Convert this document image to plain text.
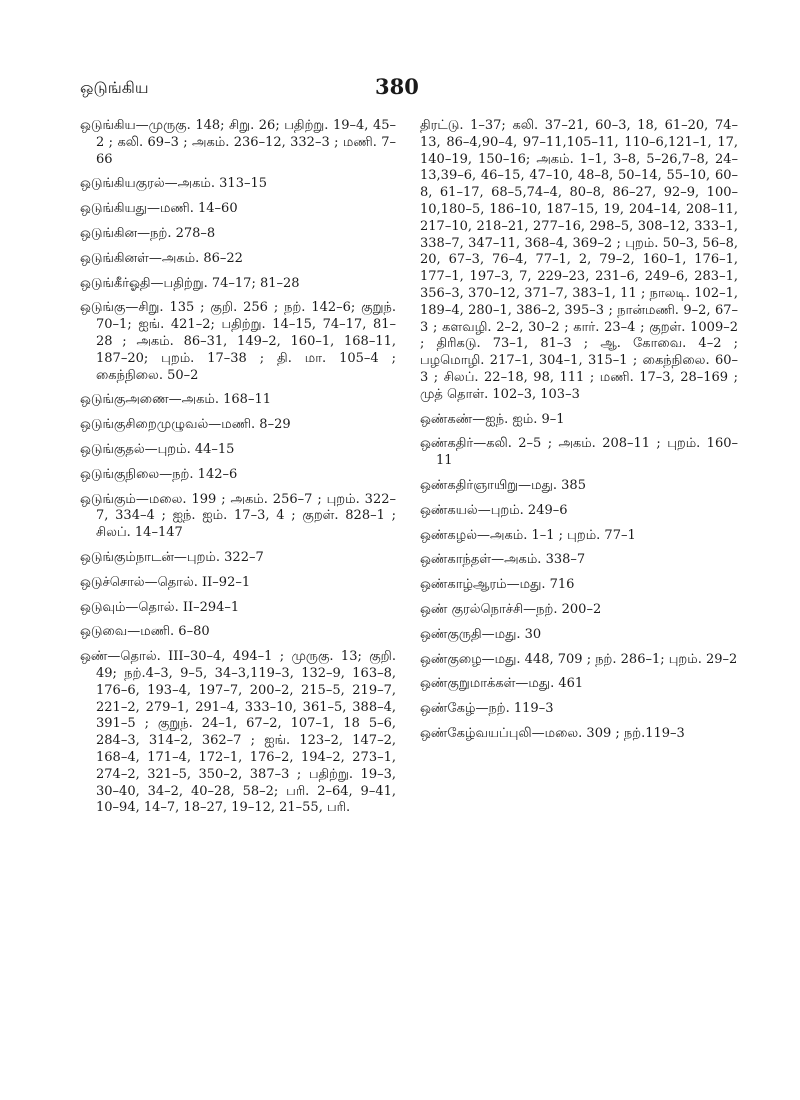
ஒடுங்கிய	380

ஒடுங்கிய—முருகு. 148; சிறு. 26; பதிற்று. 19–4, 45–2 ; கலி. 69–3 ; அகம். 236–12, 332–3 ; மணி. 7–66

ஒடுங்கியகுரல்—அகம். 313–15

ஒடுங்கியது—மணி. 14–60

ஒடுங்கின—நற். 278–8

ஒடுங்கினள்—அகம். 86–22

ஒடுங்கீர்ஓதி—பதிற்று. 74–17; 81–28

ஒடுங்கு—சிறு. 135 ; குறி. 256 ; நற். 142–6; குறுந். 70–1; ஐங். 421–2; பதிற்று. 14–15, 74–17, 81–28 ; அகம். 86–31, 149–2, 160–1, 168–11, 187–20; புறம். 17–38 ; தி. மா. 105–4 ; கைந்நிலை. 50–2

ஒடுங்குஅணை—அகம். 168–11

ஒடுங்குசிறைமுழுவல்—மணி. 8–29

ஒடுங்குதல்—புறம். 44–15

ஒடுங்குநிலை—நற். 142–6

ஒடுங்கும்—மலை. 199 ; அகம். 256–7 ; புறம். 322–7, 334–4 ; ஐந். ஐம். 17–3, 4 ; குறள். 828–1 ; சிலப். 14–147

ஒடுங்கும்நாடன்—புறம். 322–7

ஒடுச்சொல்—தொல். II–92–1

ஒடுவும்—தொல். II–294–1

ஒடுவை—மணி. 6–80

ஒண்—தொல். III–30–4, 494–1 ; முருகு. 13; குறி. 49; நற்.4–3, 9–5, 34–3,119–3, 132–9, 163–8, 176–6, 193–4, 197–7, 200–2, 215–5, 219–7, 221–2, 279–1, 291–4, 333–10, 361–5, 388–4, 391–5 ; குறுந். 24–1, 67–2, 107–1, 18 5–6, 284–3, 314–2, 362–7 ; ஐங். 123–2, 147–2, 168–4, 171–4, 172–1, 176–2, 194–2, 273–1, 274–2, 321–5, 350–2, 387–3 ; பதிற்று. 19–3, 30–40, 34–2, 40–28, 58–2; பரி. 2–64, 9–41, 10–94, 14–7, 18–27, 19–12, 21–55, பரி.

திரட்டு. 1–37; கலி. 37–21, 60–3, 18, 61–20, 74–13, 86–4,90–4, 97–11,105–11, 110–6,121–1, 17, 140–19, 150–16; அகம். 1–1, 3–8, 5–26,7–8, 24–13,39–6, 46–15, 47–10, 48–8, 50–14, 55–10, 60–8, 61–17, 68–5,74–4, 80–8, 86–27, 92–9, 100–10,180–5, 186–10, 187–15, 19, 204–14, 208–11, 217–10, 218–21, 277–16, 298–5, 308–12, 333–1, 338–7, 347–11, 368–4, 369–2 ; புறம். 50–3, 56–8, 20, 67–3, 76–4, 77–1, 2, 79–2, 160–1, 176–1, 177–1, 197–3, 7, 229–23, 231–6, 249–6, 283–1, 356–3, 370–12, 371–7, 383–1, 11 ; நாலடி. 102–1, 189–4, 280–1, 386–2, 395–3 ; நான்மணி. 9–2, 67–3 ; களவழி. 2–2, 30–2 ; கார். 23–4 ; குறள். 1009–2 ; திரிகடு. 73–1, 81–3 ; ஆ. கோவை. 4–2 ; பழமொழி. 217–1, 304–1, 315–1 ; கைந்நிலை. 60–3 ; சிலப். 22–18, 98, 111 ; மணி. 17–3, 28–169 ; முத் தொள். 102–3, 103–3

ஒண்கண்—ஐந். ஐம். 9–1

ஒண்கதிர்—கலி. 2–5 ; அகம். 208–11 ; புறம். 160–11

ஒண்கதிர்ஞாயிறு—மது. 385

ஒண்கயல்—புறம். 249–6

ஒண்கழல்—அகம். 1–1 ; புறம். 77–1

ஒண்காந்தள்—அகம். 338–7

ஒண்காழ்ஆரம்—மது. 716

ஒண் குரல்நொச்சி—நற். 200–2

ஒண்குருதி—மது. 30

ஒண்குழை—மது. 448, 709 ; நற். 286–1; புறம். 29–2

ஒண்குறுமாக்கள்—மது. 461

ஒண்கேழ்—நற். 119–3

ஒண்கேழ்வயப்புலி—மலை. 309 ; நற்.119–3
